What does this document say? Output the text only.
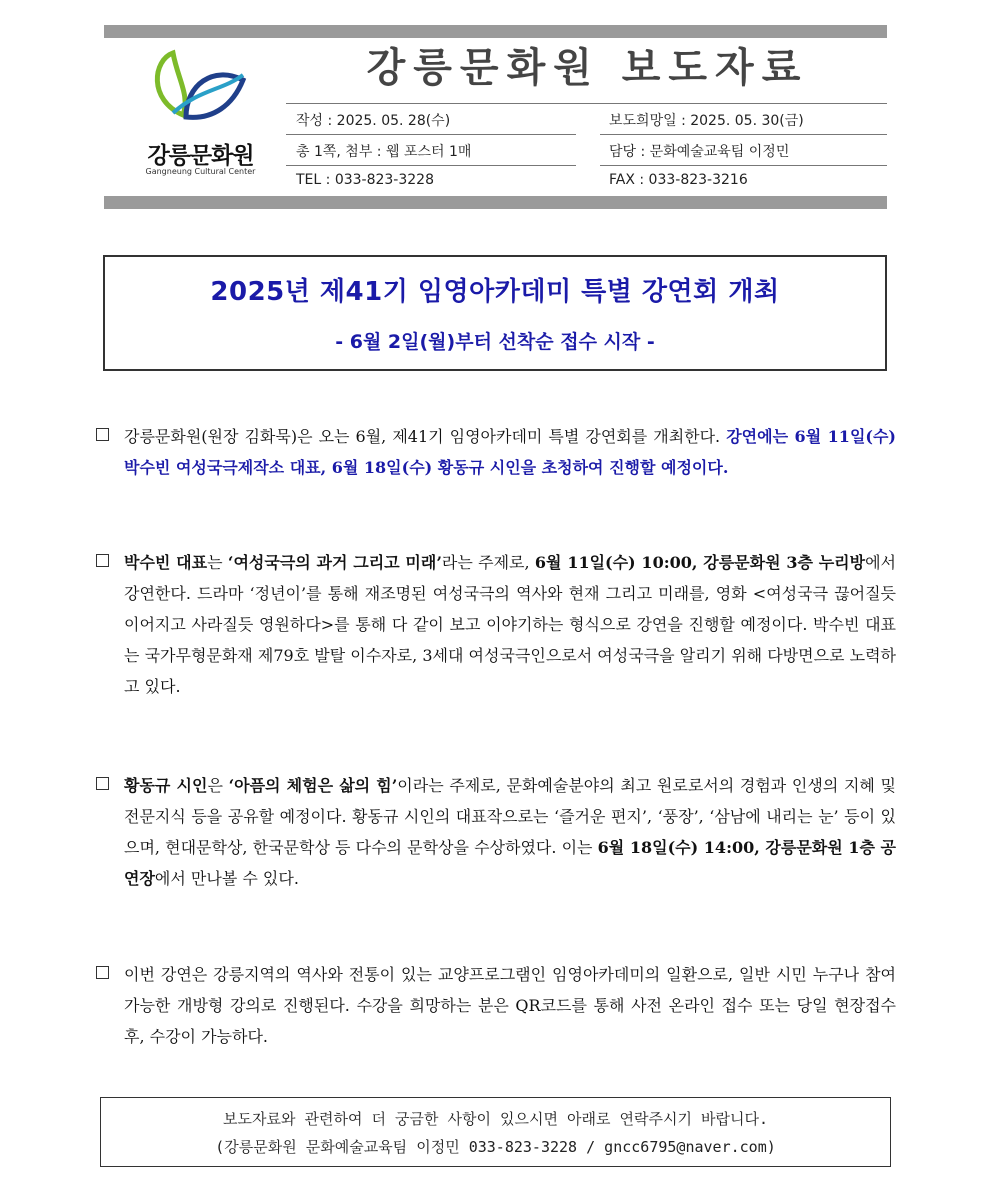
강릉문화원
Gangneung Cultural Center
강릉문화원 보도자료
작성 : 2025. 05. 28(수)	보도희망일 : 2025. 05. 30(금)
총 1쪽, 첨부 : 웹 포스터 1매	담당 : 문화예술교육팀 이정민
TEL : 033-823-3228	FAX : 033-823-3216
2025년 제41기 임영아카데미 특별 강연회 개최
- 6월 2일(월)부터 선착순 접수 시작 -
강릉문화원(원장 김화묵)은 오는 6월, 제41기 임영아카데미 특별 강연회를 개최한다. 강연에는 6월 11일(수) 박수빈 여성국극제작소 대표, 6월 18일(수) 황동규 시인을 초청하여 진행할 예정이다.
박수빈 대표는 ‘여성국극의 과거 그리고 미래’라는 주제로, 6월 11일(수) 10:00, 강릉문화원 3층 누리방에서 강연한다. 드라마 ‘정년이’를 통해 재조명된 여성국극의 역사와 현재 그리고 미래를, 영화 <여성국극 끊어질듯 이어지고 사라질듯 영원하다>를 통해 다 같이 보고 이야기하는 형식으로 강연을 진행할 예정이다. 박수빈 대표는 국가무형문화재 제79호 발탈 이수자로, 3세대 여성국극인으로서 여성국극을 알리기 위해 다방면으로 노력하고 있다.
황동규 시인은 ‘아픔의 체험은 삶의 힘’이라는 주제로, 문화예술분야의 최고 원로로서의 경험과 인생의 지혜 및 전문지식 등을 공유할 예정이다. 황동규 시인의 대표작으로는 ‘즐거운 편지’, ‘풍장’, ‘삼남에 내리는 눈’ 등이 있으며, 현대문학상, 한국문학상 등 다수의 문학상을 수상하였다. 이는 6월 18일(수) 14:00, 강릉문화원 1층 공연장에서 만나볼 수 있다.
이번 강연은 강릉지역의 역사와 전통이 있는 교양프로그램인 임영아카데미의 일환으로, 일반 시민 누구나 참여 가능한 개방형 강의로 진행된다. 수강을 희망하는 분은 QR코드를 통해 사전 온라인 접수 또는 당일 현장접수 후, 수강이 가능하다.
보도자료와 관련하여 더 궁금한 사항이 있으시면 아래로 연락주시기 바랍니다.
(강릉문화원 문화예술교육팀 이정민 033-823-3228 / gncc6795@naver.com)
